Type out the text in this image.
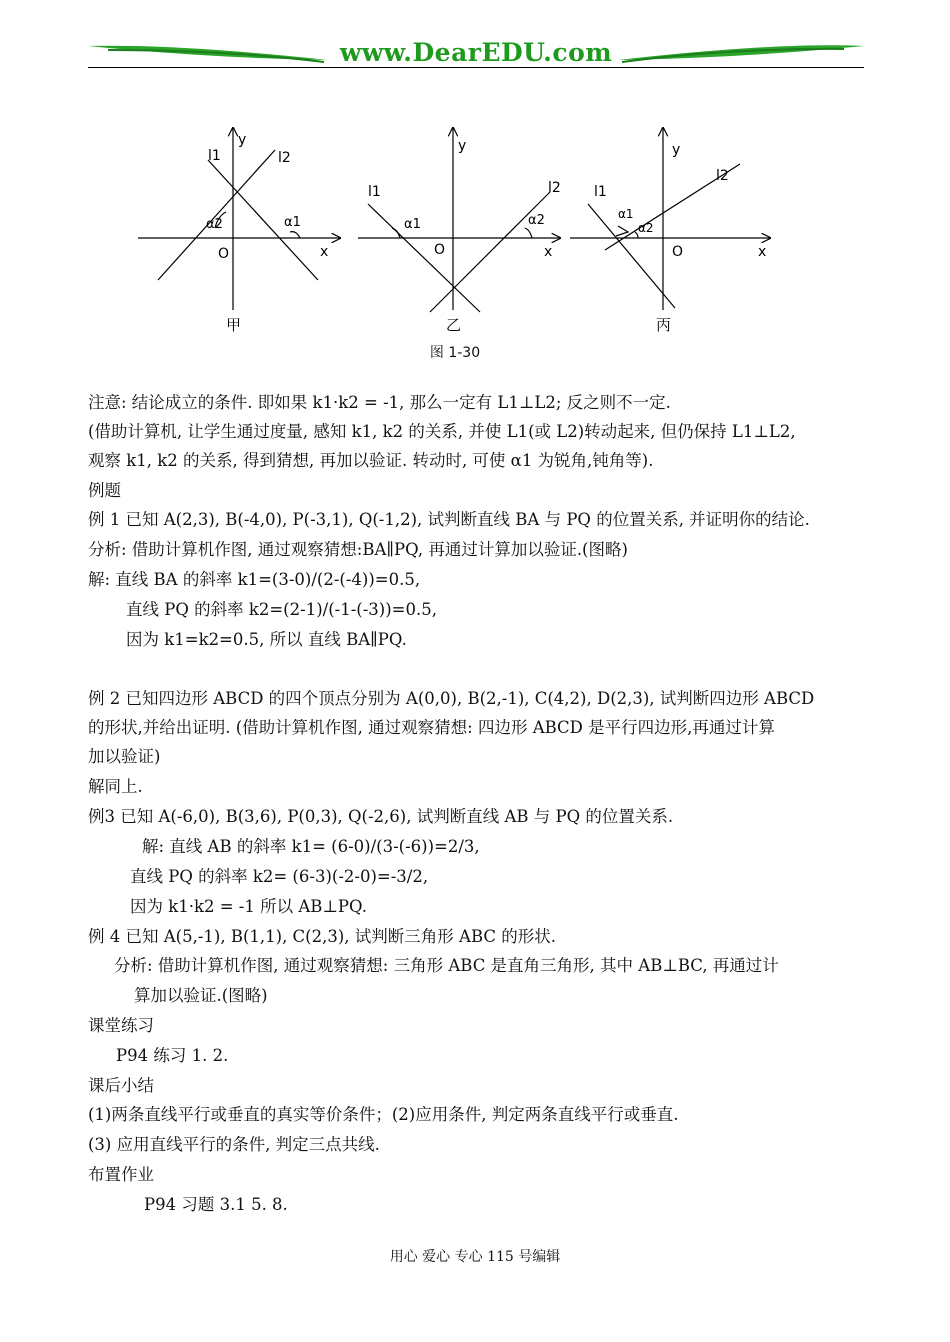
www.DearEDU.com
y
x
O
l1	l2
α2	α1
甲
y
x
O
l1	l2
α1	α2
乙
y
x
O
l1
l2
α1
α2
丙
图 1-30
注意: 结论成立的条件. 即如果 k1·k2 = -1, 那么一定有 L1⊥L2; 反之则不一定.
(借助计算机, 让学生通过度量, 感知 k1, k2 的关系, 并使 L1(或 L2)转动起来, 但仍保持 L1⊥L2,
观察 k1, k2 的关系, 得到猜想, 再加以验证. 转动时, 可使 α1 为锐角,钝角等).
例题
例 1 已知 A(2,3), B(-4,0), P(-3,1), Q(-1,2), 试判断直线 BA 与 PQ 的位置关系, 并证明你的结论.
分析: 借助计算机作图, 通过观察猜想:BA∥PQ, 再通过计算加以验证.(图略)
解: 直线 BA 的斜率 k1=(3-0)/(2-(-4))=0.5,
直线 PQ 的斜率 k2=(2-1)/(-1-(-3))=0.5,
因为 k1=k2=0.5, 所以 直线 BA∥PQ.
例 2 已知四边形 ABCD 的四个顶点分别为 A(0,0), B(2,-1), C(4,2), D(2,3), 试判断四边形 ABCD
的形状,并给出证明. (借助计算机作图, 通过观察猜想: 四边形 ABCD 是平行四边形,再通过计算
加以验证)
解同上.
例3 已知 A(-6,0), B(3,6), P(0,3), Q(-2,6), 试判断直线 AB 与 PQ 的位置关系.
解: 直线 AB 的斜率 k1= (6-0)/(3-(-6))=2/3,
直线 PQ 的斜率 k2= (6-3)(-2-0)=-3/2,
因为 k1·k2 = -1 所以 AB⊥PQ.
例 4 已知 A(5,-1), B(1,1), C(2,3), 试判断三角形 ABC 的形状.
分析: 借助计算机作图, 通过观察猜想: 三角形 ABC 是直角三角形, 其中 AB⊥BC, 再通过计
算加以验证.(图略)
课堂练习
P94 练习 1. 2.
课后小结
(1)两条直线平行或垂直的真实等价条件；(2)应用条件, 判定两条直线平行或垂直.
(3) 应用直线平行的条件, 判定三点共线.
布置作业
P94 习题 3.1 5. 8.
用心 爱心 专心 115 号编辑
